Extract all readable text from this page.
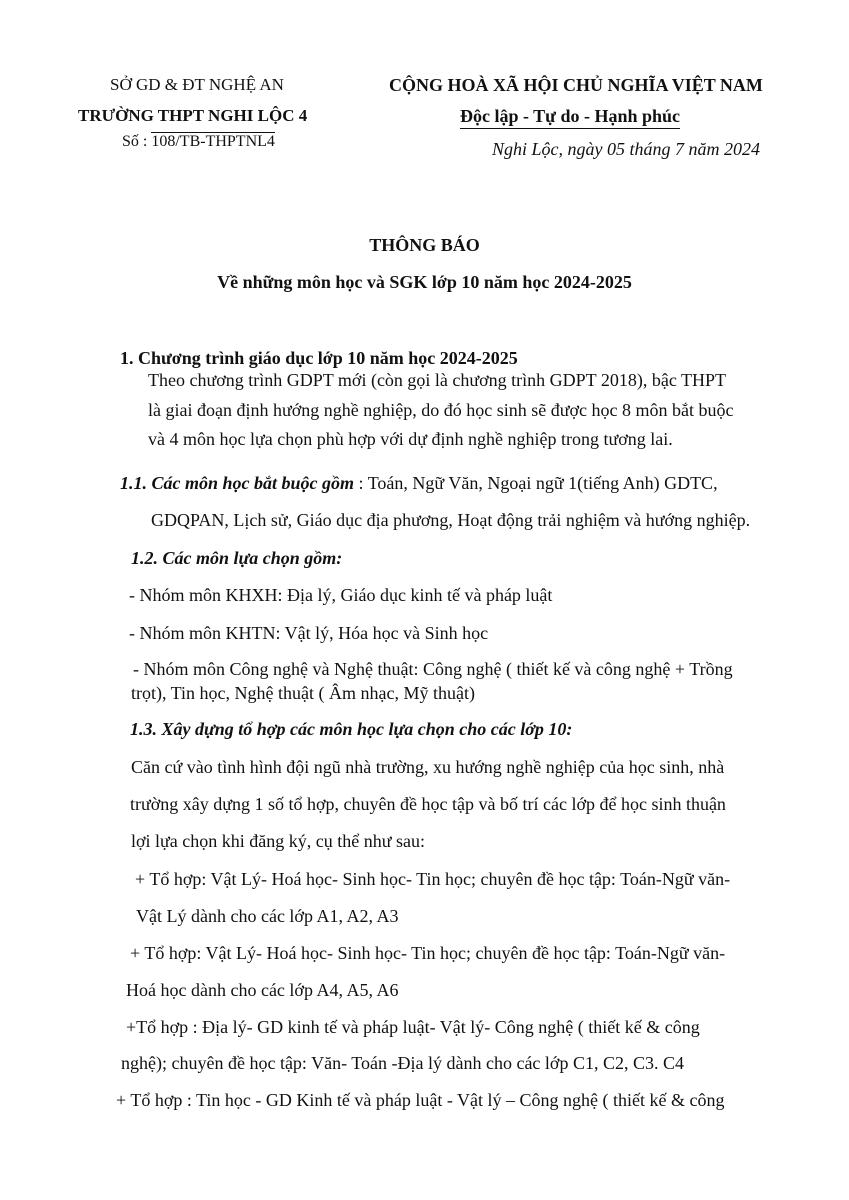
SỞ GD & ĐT NGHỆ AN
TRƯỜNG THPT NGHI LỘC 4
Số : 108/TB-THPTNL4
CỘNG HOÀ XÃ HỘI CHỦ NGHĨA VIỆT NAM
Độc lập - Tự do - Hạnh phúc
Nghi Lộc, ngày 05 tháng 7 năm 2024
THÔNG BÁO
Về những môn học và SGK lớp 10 năm học 2024-2025
1. Chương trình giáo dục lớp 10 năm học 2024-2025
Theo chương trình GDPT mới (còn gọi là chương trình GDPT 2018), bậc THPT
là giai đoạn định hướng nghề nghiệp, do đó học sinh sẽ được học 8 môn bắt buộc
và 4 môn học lựa chọn phù hợp với dự định nghề nghiệp trong tương lai.
1.1. Các môn học bắt buộc gồm : Toán, Ngữ Văn, Ngoại ngữ 1(tiếng Anh) GDTC,
GDQPAN, Lịch sử, Giáo dục địa phương, Hoạt động trải nghiệm và hướng nghiệp.
1.2. Các môn lựa chọn gồm:
- Nhóm môn KHXH: Địa lý, Giáo dục kinh tế và pháp luật
- Nhóm môn KHTN: Vật lý, Hóa học và Sinh học
- Nhóm môn Công nghệ và Nghệ thuật: Công nghệ ( thiết kế và công nghệ + Trồng
trọt), Tin học, Nghệ thuật ( Âm nhạc, Mỹ thuật)
1.3. Xây dựng tổ hợp các môn học lựa chọn cho các lớp 10:
Căn cứ vào tình hình đội ngũ nhà trường, xu hướng nghề nghiệp của học sinh, nhà
trường xây dựng 1 số tổ hợp, chuyên đề học tập và bố trí các lớp để học sinh thuận
lợi lựa chọn khi đăng ký, cụ thể như sau:
+ Tổ hợp: Vật Lý- Hoá học- Sinh học- Tin học; chuyên đề học tập: Toán-Ngữ văn-
Vật Lý dành cho các lớp A1, A2, A3
+ Tổ hợp: Vật Lý- Hoá học- Sinh học- Tin học; chuyên đề học tập: Toán-Ngữ văn-
Hoá học dành cho các lớp A4, A5, A6
+Tổ hợp : Địa lý- GD kinh tế và pháp luật- Vật lý- Công nghệ ( thiết kế & công
nghệ); chuyên đề học tập: Văn- Toán -Địa lý dành cho các lớp C1, C2, C3. C4
+ Tổ hợp : Tin học - GD Kinh tế và pháp luật - Vật lý – Công nghệ ( thiết kế & công
